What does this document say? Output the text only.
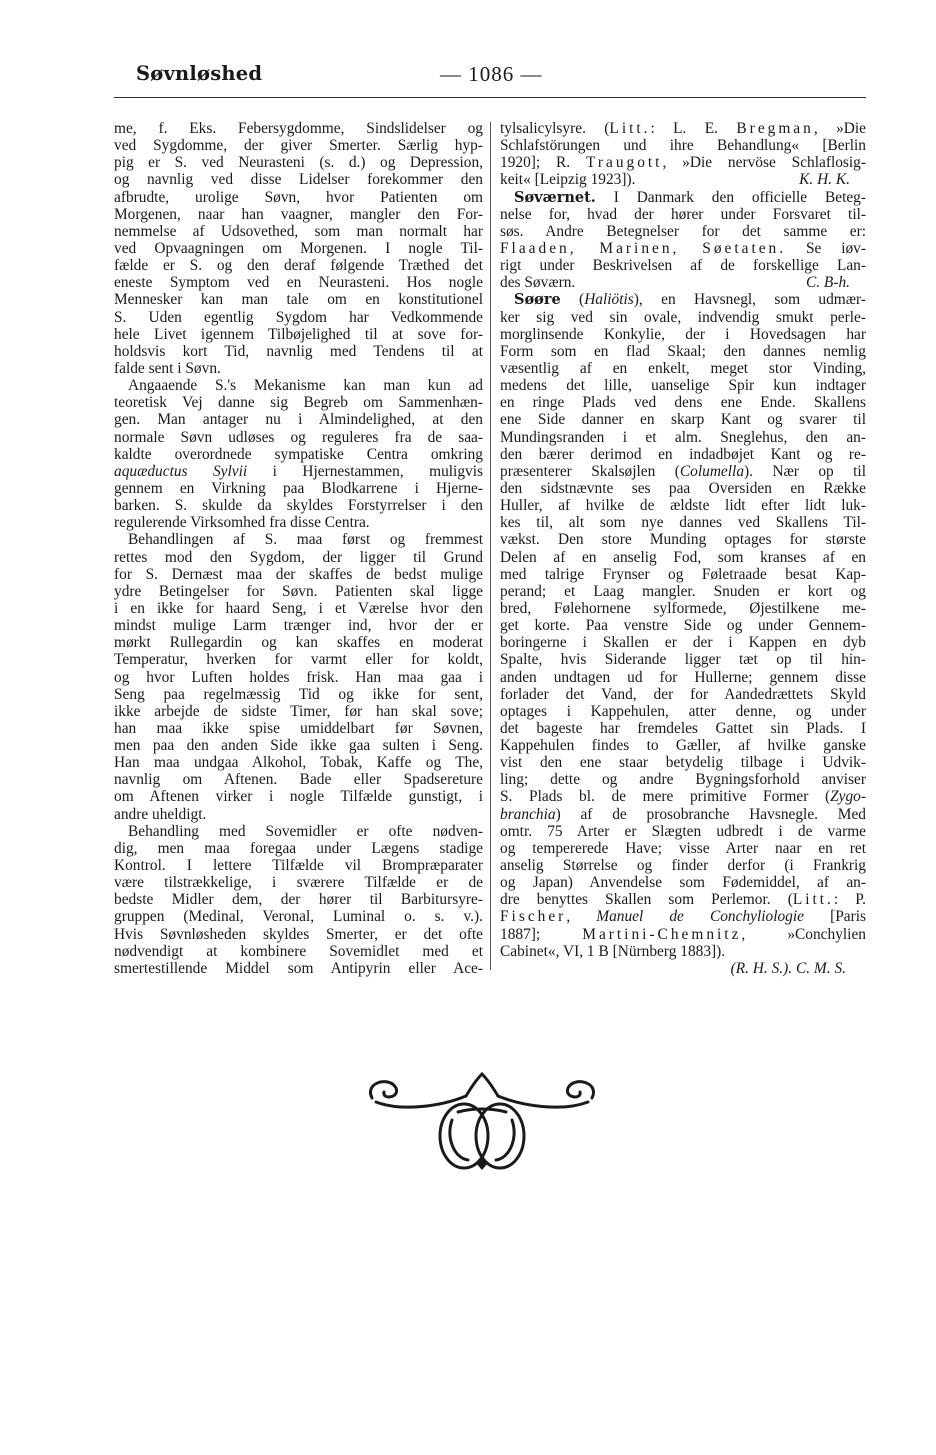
Søvnløshed	— 1086 —
me, f. Eks. Febersygdomme, Sindslidelser og
ved Sygdomme, der giver Smerter. Særlig hyp-
pig er S. ved Neurasteni (s. d.) og Depression,
og navnlig ved disse Lidelser forekommer den
afbrudte, urolige Søvn, hvor Patienten om
Morgenen, naar han vaagner, mangler den For-
nemmelse af Udsovethed, som man normalt har
ved Opvaagningen om Morgenen. I nogle Til-
fælde er S. og den deraf følgende Træthed det
eneste Symptom ved en Neurasteni. Hos nogle
Mennesker kan man tale om en konstitutionel
S. Uden egentlig Sygdom har Vedkommende
hele Livet igennem Tilbøjelighed til at sove for-
holdsvis kort Tid, navnlig med Tendens til at
falde sent i Søvn.
Angaaende S.'s Mekanisme kan man kun ad
teoretisk Vej danne sig Begreb om Sammenhæn-
gen. Man antager nu i Almindelighed, at den
normale Søvn udløses og reguleres fra de saa-
kaldte overordnede sympatiske Centra omkring
aquæductus Sylvii i Hjernestammen, muligvis
gennem en Virkning paa Blodkarrene i Hjerne-
barken. S. skulde da skyldes Forstyrrelser i den
regulerende Virksomhed fra disse Centra.
Behandlingen af S. maa først og fremmest
rettes mod den Sygdom, der ligger til Grund
for S. Dernæst maa der skaffes de bedst mulige
ydre Betingelser for Søvn. Patienten skal ligge
i en ikke for haard Seng, i et Værelse hvor den
mindst mulige Larm trænger ind, hvor der er
mørkt Rullegardin og kan skaffes en moderat
Temperatur, hverken for varmt eller for koldt,
og hvor Luften holdes frisk. Han maa gaa i
Seng paa regelmæssig Tid og ikke for sent,
ikke arbejde de sidste Timer, før han skal sove;
han maa ikke spise umiddelbart før Søvnen,
men paa den anden Side ikke gaa sulten i Seng.
Han maa undgaa Alkohol, Tobak, Kaffe og The,
navnlig om Aftenen. Bade eller Spadsereture
om Aftenen virker i nogle Tilfælde gunstigt, i
andre uheldigt.
Behandling med Sovemidler er ofte nødven-
dig, men maa foregaa under Lægens stadige
Kontrol. I lettere Tilfælde vil Brompræparater
være tilstrækkelige, i sværere Tilfælde er de
bedste Midler dem, der hører til Barbitursyre-
gruppen (Medinal, Veronal, Luminal o. s. v.).
Hvis Søvnløsheden skyldes Smerter, er det ofte
nødvendigt at kombinere Sovemidlet med et
smertestillende Middel som Antipyrin eller Ace-
tylsalicylsyre. (Litt.: L. E. Bregman, »Die
Schlafstörungen und ihre Behandlung« [Berlin
1920]; R. Traugott, »Die nervöse Schlaflosig-
keit« [Leipzig 1923]).	K. H. K.
Søværnet. I Danmark den officielle Beteg-
nelse for, hvad der hører under Forsvaret til-
søs. Andre Betegnelser for det samme er:
Flaaden, Marinen, Søetaten. Se iøv-
rigt under Beskrivelsen af de forskellige Lan-
des Søværn.	C. B-h.
Søøre (Haliötis), en Havsnegl, som udmær-
ker sig ved sin ovale, indvendig smukt perle-
morglinsende Konkylie, der i Hovedsagen har
Form som en flad Skaal; den dannes nemlig
væsentlig af en enkelt, meget stor Vinding,
medens det lille, uanselige Spir kun indtager
en ringe Plads ved dens ene Ende. Skallens
ene Side danner en skarp Kant og svarer til
Mundingsranden i et alm. Sneglehus, den an-
den bærer derimod en indadbøjet Kant og re-
præsenterer Skalsøjlen (Columella). Nær op til
den sidstnævnte ses paa Oversiden en Række
Huller, af hvilke de ældste lidt efter lidt luk-
kes til, alt som nye dannes ved Skallens Til-
vækst. Den store Munding optages for største
Delen af en anselig Fod, som kranses af en
med talrige Frynser og Føletraade besat Kap-
perand; et Laag mangler. Snuden er kort og
bred, Følehornene sylformede, Øjestilkene me-
get korte. Paa venstre Side og under Gennem-
boringerne i Skallen er der i Kappen en dyb
Spalte, hvis Siderande ligger tæt op til hin-
anden undtagen ud for Hullerne; gennem disse
forlader det Vand, der for Aandedrættets Skyld
optages i Kappehulen, atter denne, og under
det bageste har fremdeles Gattet sin Plads. I
Kappehulen findes to Gæller, af hvilke ganske
vist den ene staar betydelig tilbage i Udvik-
ling; dette og andre Bygningsforhold anviser
S. Plads bl. de mere primitive Former (Zygo-
branchia) af de prosobranche Havsnegle. Med
omtr. 75 Arter er Slægten udbredt i de varme
og tempererede Have; visse Arter naar en ret
anselig Størrelse og finder derfor (i Frankrig
og Japan) Anvendelse som Fødemiddel, af an-
dre benyttes Skallen som Perlemor. (Litt.: P.
Fischer, Manuel de Conchyliologie [Paris
1887]; Martini-Chemnitz, »Conchylien
Cabinet«, VI, 1 B [Nürnberg 1883]).
(R. H. S.). C. M. S.
